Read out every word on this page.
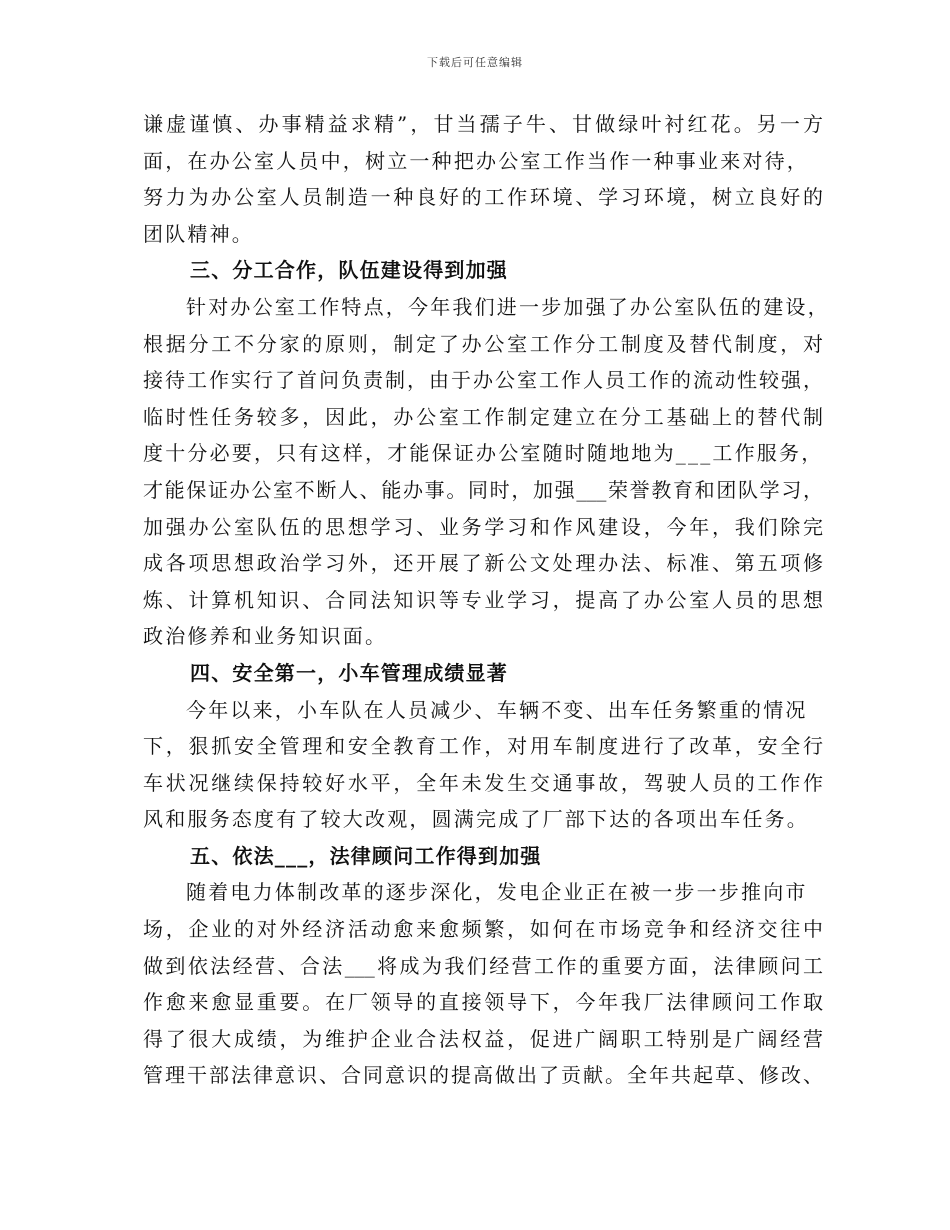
下载后可任意编辑
谦虚谨慎、办事精益求精”，甘当孺子牛、甘做绿叶衬红花。另一方
面，在办公室人员中，树立一种把办公室工作当作一种事业来对待，
努力为办公室人员制造一种良好的工作环境、学习环境，树立良好的
团队精神。
三、分工合作，队伍建设得到加强
针对办公室工作特点，今年我们进一步加强了办公室队伍的建设，
根据分工不分家的原则，制定了办公室工作分工制度及替代制度，对
接待工作实行了首问负责制，由于办公室工作人员工作的流动性较强，
临时性任务较多，因此，办公室工作制定建立在分工基础上的替代制
度十分必要，只有这样，才能保证办公室随时随地地为___工作服务，
才能保证办公室不断人、能办事。同时，加强___荣誉教育和团队学习，
加强办公室队伍的思想学习、业务学习和作风建设，今年，我们除完
成各项思想政治学习外，还开展了新公文处理办法、标准、第五项修
炼、计算机知识、合同法知识等专业学习，提高了办公室人员的思想
政治修养和业务知识面。
四、安全第一，小车管理成绩显著
今年以来，小车队在人员减少、车辆不变、出车任务繁重的情况
下，狠抓安全管理和安全教育工作，对用车制度进行了改革，安全行
车状况继续保持较好水平，全年未发生交通事故，驾驶人员的工作作
风和服务态度有了较大改观，圆满完成了厂部下达的各项出车任务。
五、依法___，法律顾问工作得到加强
随着电力体制改革的逐步深化，发电企业正在被一步一步推向市
场，企业的对外经济活动愈来愈频繁，如何在市场竞争和经济交往中
做到依法经营、合法___将成为我们经营工作的重要方面，法律顾问工
作愈来愈显重要。在厂领导的直接领导下，今年我厂法律顾问工作取
得了很大成绩，为维护企业合法权益，促进广阔职工特别是广阔经营
管理干部法律意识、合同意识的提高做出了贡献。全年共起草、修改、
